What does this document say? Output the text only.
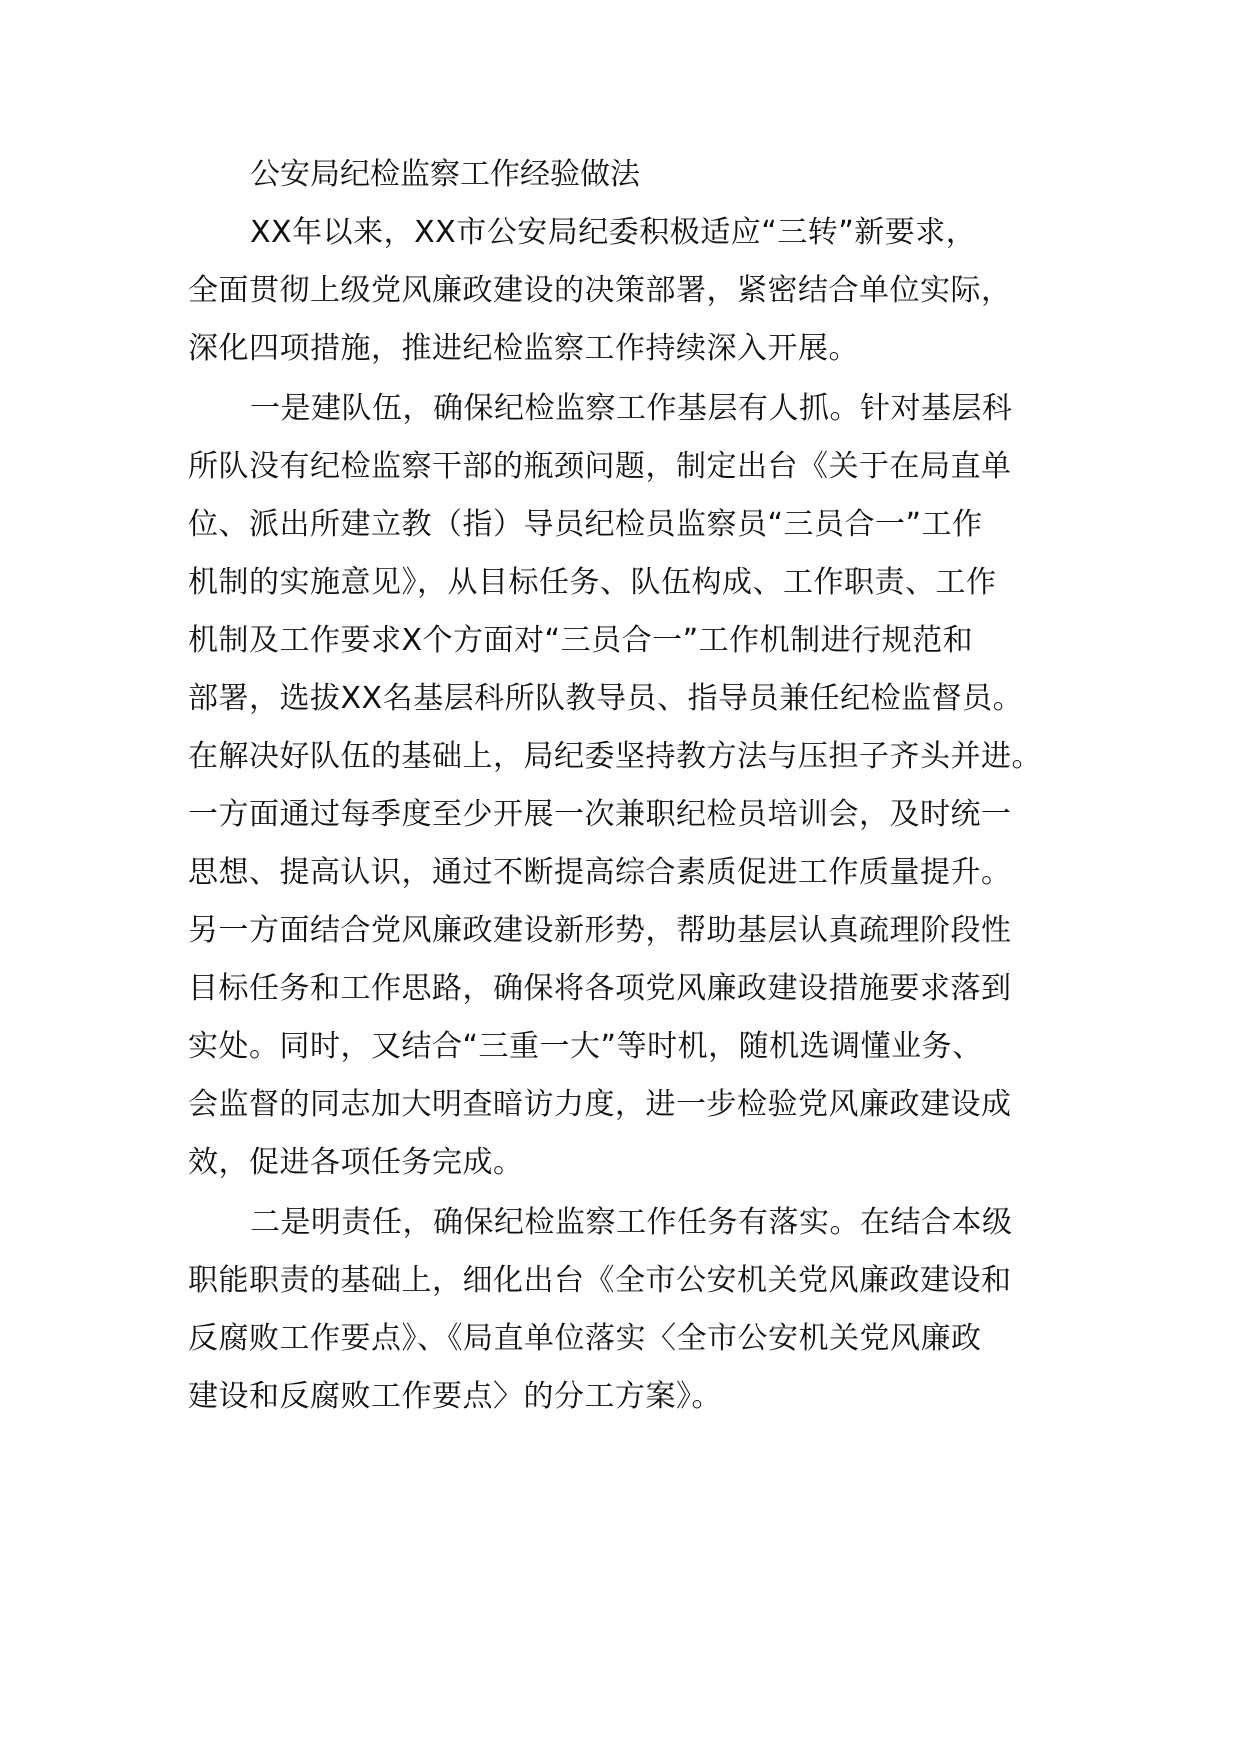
公安局纪检监察工作经验做法

XX年以来，XX市公安局纪委积极适应“三转”新要求，

全面贯彻上级党风廉政建设的决策部署，紧密结合单位实际，

深化四项措施，推进纪检监察工作持续深入开展。

一是建队伍，确保纪检监察工作基层有人抓。针对基层科

所队没有纪检监察干部的瓶颈问题，制定出台《关于在局直单

位、派出所建立教（指）导员纪检员监察员“三员合一”工作

机制的实施意见》，从目标任务、队伍构成、工作职责、工作

机制及工作要求X个方面对“三员合一”工作机制进行规范和

部署，选拔XX名基层科所队教导员、指导员兼任纪检监督员。

在解决好队伍的基础上，局纪委坚持教方法与压担子齐头并进。

一方面通过每季度至少开展一次兼职纪检员培训会，及时统一

思想、提高认识，通过不断提高综合素质促进工作质量提升。

另一方面结合党风廉政建设新形势，帮助基层认真疏理阶段性

目标任务和工作思路，确保将各项党风廉政建设措施要求落到

实处。同时，又结合“三重一大”等时机，随机选调懂业务、

会监督的同志加大明查暗访力度，进一步检验党风廉政建设成

效，促进各项任务完成。

二是明责任，确保纪检监察工作任务有落实。在结合本级

职能职责的基础上，细化出台《全市公安机关党风廉政建设和

反腐败工作要点》、《局直单位落实〈全市公安机关党风廉政

建设和反腐败工作要点〉的分工方案》。
